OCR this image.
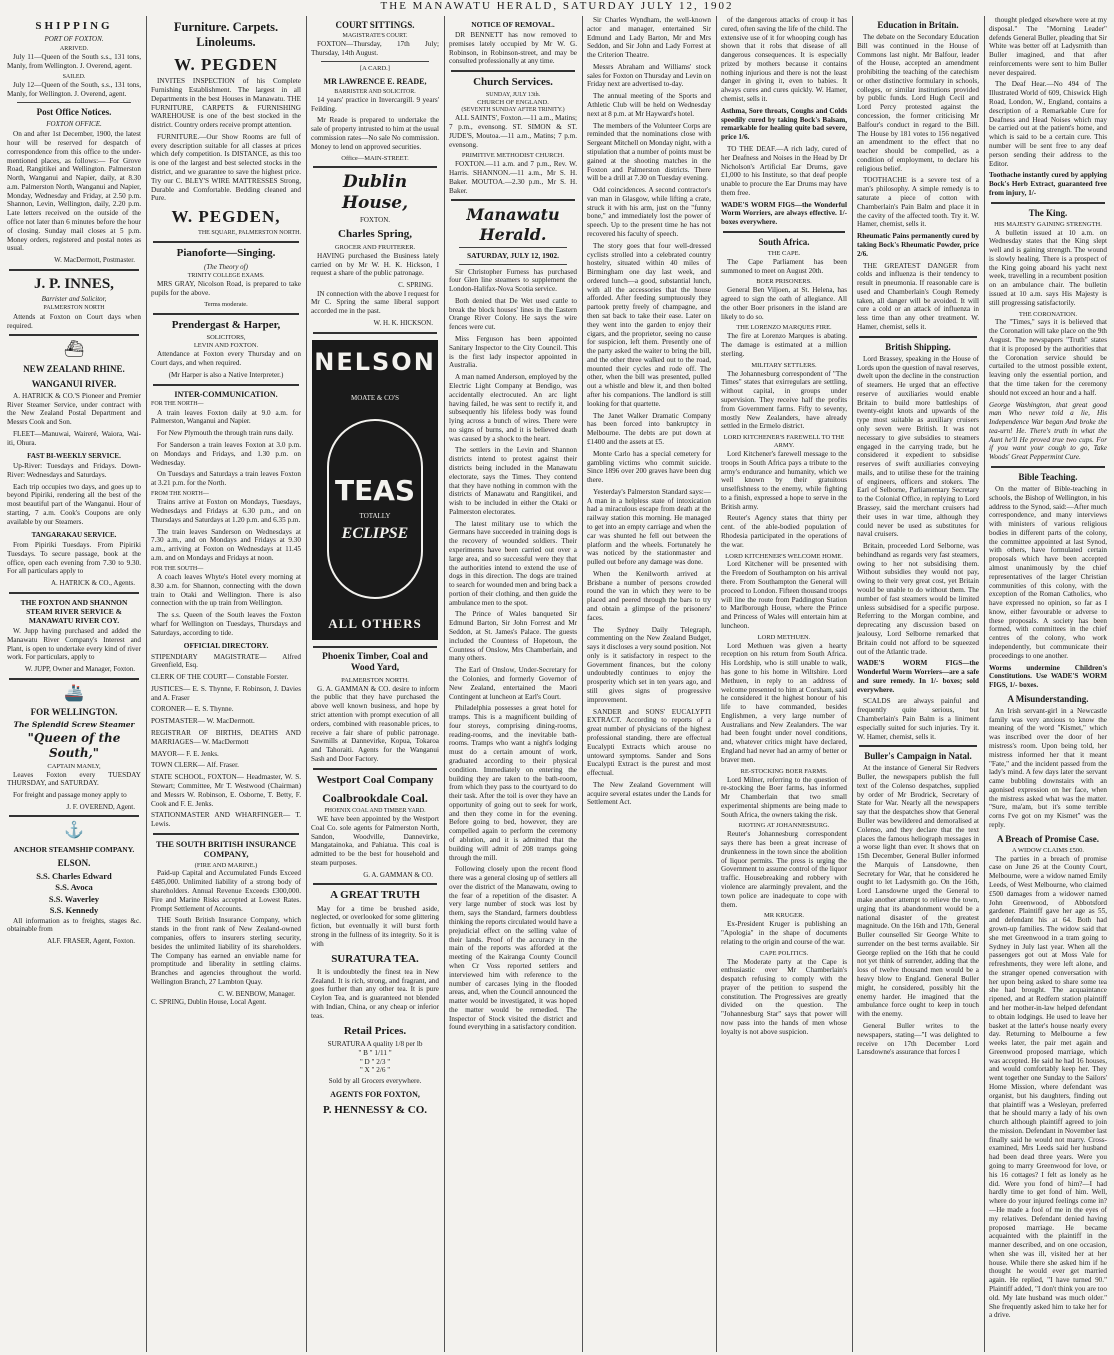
THE MANAWATU HERALD, SATURDAY JULY 12, 1902
SHIPPING
PORT OF FOXTON.
ARRIVED.

July 11—Queen of the South s.s., 131 tons, Manly, from Wellington. J. Overend, agent.

SAILED.

July 12—Queen of the South, s.s., 131 tons, Manly, for Wellington. J. Overend, agent.

Post Office Notices.
FOXTON OFFICE.

On and after 1st December, 1900, the latest hour will be reserved for despatch of correspondence from this office to the under-mentioned places, as follows:— For Grove Road, Rangitikei and Wellington. Palmerston North, Wanganui and Napier, daily, at 8.30 a.m. Palmerston North, Wanganui and Napier, Monday, Wednesday and Friday, at 2.50 p.m. Shannon, Levin, Wellington, daily, 2.20 p.m. Late letters received on the outside of the office not later than 6 minutes before the hour of closing. Sunday mail closes at 5 p.m. Money orders, registered and postal notes as usual.

W. MacDermott, Postmaster.
J. P. INNES,
Barrister and Solicitor,
PALMERSTON NORTH

Attends at Foxton on Court days when required.

⛴
NEW ZEALAND RHINE.
WANGANUI RIVER.

A. HATRICK & CO.'S Pioneer and Premier River Steamer Service, under contract with the New Zealand Postal Department and Messrs Cook and Son.

FLEET—Manuwai, Waireré, Waiora, Wai-iti, Ohura.

FAST BI-WEEKLY SERVICE.

Up-River: Tuesdays and Fridays. Down-River: Wednesdays and Saturdays.

Each trip occupies two days, and goes up to beyond Pipiriki, rendering all the best of the most beautiful part of the Wanganui. Hour of starting, 7 a.m. Cook's Coupons are only available by our Steamers.

TANGARAKAU SERVICE.

From Pipiriki Tuesdays. From Pipiriki Tuesdays. To secure passage, book at the office, open each evening from 7.30 to 9.30. For all particulars apply to

A. HATRICK & CO., Agents.
THE FOXTON AND SHANNON STEAM RIVER SERVICE & MANAWATU RIVER COY.

W. Jupp having purchased and added the Manawatu River Company's Interest and Plant, is open to undertake every kind of river work. For particulars, apply to

W. JUPP, Owner and Manager, Foxton.
🚢
FOR WELLINGTON.
The Splendid Screw Steamer
"Queen of the South,"
CAPTAIN MANLY,

Leaves Foxton every TUESDAY THURSDAY, and SATURDAY.

For freight and passage money apply to

J. F. OVEREND, Agent.
⚓
ANCHOR STEAMSHIP COMPANY.
ELSON.
S.S. Charles Edward
S.S. Avoca
S.S. Waverley
S.S. Kennedy

All information as to freights, stages &c. obtainable from

ALF. FRASER, Agent, Foxton.
Furniture. Carpets. Linoleums.
W. PEGDEN

INVITES INSPECTION of his Complete Furnishing Establishment. The largest in all Departments in the best Houses in Manawatu. THE FURNITURE, CARPETS & FURNISHING WAREHOUSE is one of the best stocked in the district. Country orders receive prompt attention.

FURNITURE.—Our Show Rooms are full of every description suitable for all classes at prices which defy competition. Is DISTANCE, as this too is one of the largest and best selected stocks in the district, and we guarantee to save the highest price. Try our C. BLEY'S WIRE MATTRESSES Strong, Durable and Comfortable. Bedding cleaned and Pure.

W. PEGDEN,
THE SQUARE, PALMERSTON NORTH.
Pianoforte—Singing.
(The Theory of)
TRINITY COLLEGE EXAMS.

MRS GRAY, Nicolson Road, is prepared to take pupils for the above.

Terms moderate.
Prendergast & Harper,
SOLICITORS,
LEVIN AND FOXTON.

Attendance at Foxton every Thursday and on Court days, and when required.

(Mr Harper is also a Native Interpreter.)
INTER-COMMUNICATION.
FOR THE NORTH—

A train leaves Foxton daily at 9.0 a.m. for Palmerston, Wanganui and Napier.

For New Plymouth the through train runs daily.

For Sanderson a train leaves Foxton at 3.0 p.m. on Mondays and Fridays, and 1.30 p.m. on Wednesday.

On Tuesdays and Saturdays a train leaves Foxton at 3.21 p.m. for the North.

FROM THE NORTH—

Trains arrive at Foxton on Mondays, Tuesdays, Wednesdays and Fridays at 6.30 p.m., and on Thursdays and Saturdays at 1.20 p.m. and 6.35 p.m.

The train leaves Sanderson on Wednesdays at 7.30 a.m., and on Mondays and Fridays at 9.30 a.m., arriving at Foxton on Wednesdays at 11.45 a.m. and on Mondays and Fridays at noon.

FOR THE SOUTH—

A coach leaves Whyte's Hotel every morning at 8.30 a.m. for Shannon, connecting with the down train to Otaki and Wellington. There is also connection with the up train from Wellington.

The s.s. Queen of the South leaves the Foxton wharf for Wellington on Tuesdays, Thursdays and Saturdays, according to tide.

OFFICIAL DIRECTORY.

STIPENDIARY MAGISTRATE— Alfred Greenfield, Esq.

CLERK OF THE COURT— Constable Forster.

JUSTICES— E. S. Thynne, F. Robinson, J. Davies and A. Fraser

CORONER— E. S. Thynne.

POSTMASTER— W. MacDermott.

REGISTRAR OF BIRTHS, DEATHS AND MARRIAGES— W. MacDermott

MAYOR— F. E. Jenks.

TOWN CLERK— Alf. Fraser.

STATE SCHOOL, FOXTON— Headmaster, W. S. Stewart; Committee, Mr T. Westwood (Chairman) and Messrs W. Robinson, E. Osborne, T. Betty, F. Cook and F. E. Jenks.

STATIONMASTER AND WHARFINGER— T. Lewis.

THE SOUTH BRITISH INSURANCE COMPANY,
(FIRE AND MARINE.)

Paid-up Capital and Accumulated Funds Exceed £485,000. Unlimited liability of a strong body of shareholders. Annual Revenue Exceeds £300,000. Fire and Marine Risks accepted at Lowest Rates. Prompt Settlement of Accounts.

THE South British Insurance Company, which stands in the front rank of New Zealand-owned companies, offers to insurers sterling security, besides the unlimited liability of its shareholders. The Company has earned an enviable name for promptitude and liberality in settling claims. Branches and agencies throughout the world. Wellington Branch, 27 Lambton Quay.

C. W. BENBOW, Manager.
C. SPRING, Dublin House, Local Agent.
COURT SITTINGS.
MAGISTRATE'S COURT.

FOXTON—Thursday, 17th July; Thursday, 14th August.

[A CARD.]
MR LAWRENCE E. READE,
BARRISTER AND SOLICITOR.

14 years' practice in Invercargill. 9 years' Feilding.

Mr Reade is prepared to undertake the sale of property intrusted to him at the usual commission rates—No sale No commission. Money to lend on approved securities.

Office—MAIN-STREET.
Dublin House,
FOXTON.
Charles Spring,
GROCER AND FRUITERER.

HAVING purchased the Business lately carried on by Mr W. H. K. Hickson, I request a share of the public patronage.

C. SPRING.

IN connection with the above I request for Mr C. Spring the same liberal support accorded me in the past.

W. H. K. HICKSON.
NELSON
MOATE & CO'S
TEAS
TOTALLY
ECLIPSE
ALL OTHERS
Phoenix Timber, Coal and Wood Yard,
PALMERSTON NORTH.

G. A. GAMMAN & CO. desire to inform the public that they have purchased the above well known business, and hope by strict attention with prompt execution of all orders, combined with reasonable prices, to receive a fair share of public patronage. Sawmills at Dannevirke, Kopua, Tokaroa and Tahoraiti. Agents for the Wanganui Sash and Door Factory.

Westport Coal Company
Coalbrookdale Coal.
PHOENIX COAL AND TIMBER YARD.

WE have been appointed by the Westport Coal Co. sole agents for Palmerston North, Sandon, Woodville, Dannevirke, Mangatainoka, and Pahiatua. This coal is admitted to be the best for household and steam purposes.

G. A. GAMMAN & CO.
A GREAT TRUTH

May for a time be brushed aside, neglected, or overlooked for some glittering fiction, but eventually it will burst forth strong in the fullness of its integrity. So it is with

SURATURA TEA.

It is undoubtedly the finest tea in New Zealand. It is rich, strong, and fragrant, and goes further than any other tea. It is pure Ceylon Tea, and is guaranteed not blended with Indian, China, or any cheap or inferior teas.

Retail Prices.
SURATURA A quality 1/8 per lb
" B " 1/11 "
" D " 2/3 "
" X " 2/6 "
Sold by all Grocers everywhere.
AGENTS FOR FOXTON,
P. HENNESSY & CO.
NOTICE OF REMOVAL.

DR BENNETT has now removed to premises lately occupied by Mr W. G. Robinson, in Robinson-street, and may be consulted professionally at any time.

Church Services.
SUNDAY, JULY 13th.
CHURCH OF ENGLAND.
(SEVENTH SUNDAY AFTER TRINITY.)

ALL SAINTS', Foxton.—11 a.m., Matins; 7 p.m., evensong. ST. SIMON & ST. JUDE'S, Moutoa.—11 a.m., Matins; 7 p.m. evensong.

PRIMITIVE METHODIST CHURCH.

FOXTON.—11 a.m. and 7 p.m., Rev. W. Harris. SHANNON.—11 a.m., Mr S. H. Baker. MOUTOA.—2.30 p.m., Mr S. H. Baker.

Manawatu Herald.
SATURDAY, JULY 12, 1902.

Sir Christopher Furness has purchased four Glen line steamers to supplement the London-Halifax-Nova Scotia service.

Both denied that De Wet used cattle to break the block houses' lines in the Eastern Orange River Colony. He says the wire fences were cut.

Miss Ferguson has been appointed Sanitary Inspector to the City Council. This is the first lady inspector appointed in Australia.

A man named Anderson, employed by the Electric Light Company at Bendigo, was accidentally electrocuted. An arc light having failed, he was sent to rectify it, and subsequently his lifeless body was found lying across a bunch of wires. There were no signs of burns, and it is believed death was caused by a shock to the heart.

The settlers in the Levin and Shannon districts intend to protest against their districts being included in the Manawatu electorate, says the Times. They contend that they have nothing in common with the districts of Manawatu and Rangitikei, and wish to be included in either the Otaki or Palmerston electorates.

The latest military use to which the Germans have succeeded in training dogs is the recovery of wounded soldiers. Their experiments have been carried out over a large area, and so successful were they that the authorities intend to extend the use of dogs in this direction. The dogs are trained to search for wounded men and bring back a portion of their clothing, and then guide the ambulance men to the spot.

The Prince of Wales banqueted Sir Edmund Barton, Sir John Forrest and Mr Seddon, at St. James's Palace. The guests included the Countess of Hopetoun, the Countess of Onslow, Mrs Chamberlain, and many others.

The Earl of Onslow, Under-Secretary for the Colonies, and formerly Governor of New Zealand, entertained the Maori Contingent at luncheon at Earl's Court.

Philadelphia possesses a great hotel for tramps. This is a magnificent building of four storeys, comprising dining-rooms, reading-rooms, and the inevitable bath-rooms. Tramps who want a night's lodging must do a certain amount of work, graduated according to their physical condition. Immediately on entering the building they are taken to the bath-room, from which they pass to the courtyard to do their task. After the toil is over they have an opportunity of going out to seek for work, and then they come in for the evening. Before going to bed, however, they are compelled again to perform the ceremony of ablution, and it is admitted that the building will admit of 208 tramps going through the mill.

Following closely upon the recent flood there was a general closing up of settlers all over the district of the Manawatu, owing to the fear of a repetition of the disaster. A very large number of stock was lost by them, says the Standard, farmers doubtless thinking the reports circulated would have a prejudicial effect on the selling value of their lands. Proof of the accuracy in the main of the reports was afforded at the meeting of the Kairanga County Council when Cr Voss reported settlers and interviewed him with reference to the number of carcases lying in the flooded areas, and, when the Council announced the matter would be investigated, it was hoped the matter would be remedied. The Inspector of Stock visited the district and found everything in a satisfactory condition.

Sir Charles Wyndham, the well-known actor and manager, entertained Sir Edmund and Lady Barton, Mr and Mrs Seddon, and Sir John and Lady Forrest at the Criterion Theatre.

Messrs Abraham and Williams' stock sales for Foxton on Thursday and Levin on Friday next are advertised to-day.

The annual meeting of the Sports and Athletic Club will be held on Wednesday next at 8 p.m. at Mr Hayward's hotel.

The members of the Volunteer Corps are reminded that the nominations close with Sergeant Mitchell on Monday night, with a stipulation that a number of points must be gained at the shooting matches in the Foxton and Palmerston districts. There will be a drill at 7.30 on Tuesday evening.

Odd coincidences. A second contractor's van man in Glasgow, while lifting a crate, struck it with his arm, just on the "funny bone," and immediately lost the power of speech. Up to the present time he has not recovered his faculty of speech.

The story goes that four well-dressed cyclists strolled into a celebrated country hostelry, situated within 40 miles of Birmingham one day last week, and ordered lunch—a good, substantial lunch, with all the accessories that the house afforded. After feeding sumptuously they partook pretty freely of champagne, and then sat back to take their ease. Later on they went into the garden to enjoy their cigars, and the proprietor, seeing no cause for suspicion, left them. Presently one of the party asked the waiter to bring the bill, and the other three walked out to the road, mounted their cycles and rode off. The other, when the bill was presented, pulled out a whistle and blew it, and then bolted after his companions. The landlord is still looking for that quartette.

The Janet Walker Dramatic Company has been forced into bankruptcy in Melbourne. The debts are put down at £1400 and the assets at £5.

Monte Carlo has a special cemetery for gambling victims who commit suicide. Since 1896 over 200 graves have been dug there.

Yesterday's Palmerston Standard says:—A man in a helpless state of intoxication had a miraculous escape from death at the railway station this morning. He managed to get into an empty carriage and when the car was shunted he fell out between the platform and the wheels. Fortunately he was noticed by the stationmaster and pulled out before any damage was done.

When the Kenilworth arrived at Brisbane a number of persons crowded round the van in which they were to be placed and peered through the bars to try and obtain a glimpse of the prisoners' faces.

The Sydney Daily Telegraph, commenting on the New Zealand Budget, says it discloses a very sound position. Not only is it satisfactory in respect to the Government finances, but the colony undoubtedly continues to enjoy the prosperity which set in ten years ago, and still gives signs of progressive improvement.

SANDER and SONS' EUCALYPTI EXTRACT. According to reports of a great number of physicians of the highest professional standing, there are effectual Eucalypti Extracts which arouse no untoward symptoms. Sander and Sons Eucalypti Extract is the purest and most effectual.

The New Zealand Government will acquire several estates under the Lands for Settlement Act.

of the dangerous attacks of croup it has cured, often saving the life of the child. The extensive use of it for whooping cough has shown that it robs that disease of all dangerous consequences. It is especially prized by mothers because it contains nothing injurious and there is not the least danger in giving it, even to babies. It always cures and cures quickly. W. Hamer, chemist, sells it.

Asthma, Sore throats, Coughs and Colds speedily cured by taking Bock's Balsam, remarkable for healing quite bad severe, price 1/6.

TO THE DEAF.—A rich lady, cured of her Deafness and Noises in the Head by Dr Nicholson's Artificial Ear Drums, gave £1,000 to his Institute, so that deaf people unable to procure the Ear Drums may have them free.

WADE'S WORM FIGS—the Wonderful Worm Worriers, are always effective. 1/- boxes everywhere.

South Africa.
THE CAPE.

The Cape Parliament has been summoned to meet on August 20th.

BOER PRISONERS.

General Ben Viljoen, at St. Helena, has agreed to sign the oath of allegiance. All the other Boer prisoners in the island are likely to do so.

THE LORENZO MARQUES FIRE.

The fire at Lorenzo Marques is abating. The damage is estimated at a million sterling.

MILITARY SETTLERS.

The Johannesburg correspondent of "The Times" states that exirregulars are settling, without capital, in groups under supervision. They receive half the profits from Government farms. Fifty to seventy, mostly New Zealanders, have already settled in the Ermelo district.

LORD KITCHENER'S FAREWELL TO THE ARMY.

Lord Kitchener's farewell message to the troops in South Africa pays a tribute to the army's endurance and humanity, which we well known by their gratuitous unselfishness to the enemy, while fighting to a finish, expressed a hope to serve in the British army.

Reuter's Agency states that thirty per cent. of the able-bodied population of Rhodesia participated in the operations of the war.

LORD KITCHENER'S WELCOME HOME.

Lord Kitchener will be presented with the Freedom of Southampton on his arrival there. From Southampton the General will proceed to London. Fifteen thousand troops will line the route from Paddington Station to Marlborough House, where the Prince and Princess of Wales will entertain him at luncheon.

LORD METHUEN.

Lord Methuen was given a hearty reception on his return from South Africa. His Lordship, who is still unable to walk, has gone to his home in Wiltshire. Lord Methuen, in reply to an address of welcome presented to him at Corsham, said he considered it the highest honour of his life to have commanded, besides Englishmen, a very large number of Australians and New Zealanders. The war had been fought under novel conditions, and, whatever critics might have declared, England had never had an army of better or braver men.

RE-STOCKING BOER FARMS.

Lord Milner, referring to the question of re-stocking the Boer farms, has informed Mr Chamberlain that two small experimental shipments are being made to South Africa, the owners taking the risk.

RIOTING AT JOHANNESBURG.

Reuter's Johannesburg correspondent says there has been a great increase of drunkenness in the town since the abolition of liquor permits. The press is urging the Government to assume control of the liquor traffic. Housebreaking and robbery with violence are alarmingly prevalent, and the town police are inadequate to cope with them.

MR KRUGER.

Ex-President Kruger is publishing an "Apologia" in the shape of documents relating to the origin and course of the war.

CAPE POLITICS.

The Moderate party at the Cape is enthusiastic over Mr Chamberlain's despatch refusing to comply with the prayer of the petition to suspend the constitution. The Progressives are greatly divided on the question. The "Johannesburg Star" says that power will now pass into the hands of men whose loyalty is not above suspicion.

Education in Britain.

The debate on the Secondary Education Bill was continued in the House of Commons last night. Mr Balfour, leader of the House, accepted an amendment prohibiting the teaching of the catechism or other distinctive formulary in schools, colleges, or similar institutions provided by public funds. Lord Hugh Cecil and Lord Percy protested against the concession, the former criticising Mr Balfour's conduct in regard to the Bill. The House by 181 votes to 156 negatived an amendment to the effect that no teacher should be compelled, as a condition of employment, to declare his religious belief.

TOOTHACHE is a severe test of a man's philosophy. A simple remedy is to saturate a piece of cotton with Chamberlain's Pain Balm and place it in the cavity of the affected tooth. Try it. W. Hamer, chemist, sells it.

Rheumatic Pains permanently cured by taking Bock's Rheumatic Powder, price 2/6.

THE GREATEST DANGER from colds and influenza is their tendency to result in pneumonia. If reasonable care is used and Chamberlain's Cough Remedy taken, all danger will be avoided. It will cure a cold or an attack of influenza in less time than any other treatment. W. Hamer, chemist, sells it.

British Shipping.

Lord Brassey, speaking in the House of Lords upon the question of naval reserves, dwelt upon the decline in the construction of steamers. He urged that an effective reserve of auxiliaries would enable Britain to build more battleships of twenty-eight knots and upwards of the type most suitable as auxiliary cruisers only seven were British. It was not necessary to give subsidies to steamers engaged in the carrying trade, but he considered it expedient to subsidise reserves of swift auxiliaries conveying mails, and to utilise these for the training of engineers, officers and stokers. The Earl of Selborne, Parliamentary Secretary to the Colonial Office, in replying to Lord Brassey, said the merchant cruisers had their uses in war time, although they could never be used as substitutes for naval cruisers.

Britain, proceeded Lord Selborne, was behindhand as regards very fast steamers, owing to her not subsidising them. Without subsidies they would not pay, owing to their very great cost, yet Britain would be unable to do without them. The number of fast steamers would be limited unless subsidised for a specific purpose. Referring to the Morgan combine, and deprecating any discussion based on jealousy, Lord Selborne remarked that Britain could not afford to be squeezed out of the Atlantic trade.

WADE'S WORM FIGS—the Wonderful Worm Worriers—are a safe and sure remedy. In 1/- boxes; sold everywhere.

SCALDS are always painful and frequently quite serious, but Chamberlain's Pain Balm is a liniment especially suited for such injuries. Try it. W. Hamer, chemist, sells it.

Buller's Campaign in Natal.

At the instance of General Sir Redvers Buller, the newspapers publish the full text of the Colenso despatches, supplied by order of Mr Brodrick, Secretary of State for War. Nearly all the newspapers say that the despatches show that General Buller was bewildered and demoralised at Colenso, and they declare that the text places the famous heliograph messages in a worse light than ever. It shows that on 15th December, General Buller informed the Marquis of Lansdowne, then Secretary for War, that he considered he ought to let Ladysmith go. On the 16th, Lord Lansdowne urged the General to make another attempt to relieve the town, urging that its abandonment would be a national disaster of the greatest magnitude. On the 16th and 17th, General Buller counselled Sir George White to surrender on the best terms available. Sir George replied on the 16th that he could not yet think of surrender, adding that the loss of twelve thousand men would be a heavy blow to England. General Buller might, he considered, possibly hit the enemy harder. He imagined that the ambulance force ought to keep in touch with the enemy.

General Buller writes to the newspapers, stating—"I was delighted to receive on 17th December Lord Lansdowne's assurance that forces I

thought pledged elsewhere were at my disposal." The "Morning Leader" defends General Buller, pleading that Sir White was better off at Ladysmith than Buller imagined, and that after reinforcements were sent to him Buller never despaired.

The Deaf Hear.—No 494 of The Illustrated World of 609, Chiswick High Road, London, W., England, contains a description of a Remarkable Cure for Deafness and Head Noises which may be carried out at the patient's home, and which is said to be a certain cure. This number will be sent free to any deaf person sending their address to the Editor.

Toothache instantly cured by applying Bock's Herb Extract, guaranteed free from injury, 1/-

The King.
HIS MAJESTY GAINING STRENGTH.

A bulletin issued at 10 a.m. on Wednesday states that the King slept well and is gaining strength. The wound is slowly healing. There is a prospect of the King going aboard his yacht next week, travelling in a recumbent position on an ambulance chair. The bulletin issued at 10 a.m. says His Majesty is still progressing satisfactorily.

THE CORONATION.

The "Times," says it is believed that the Coronation will take place on the 9th August. The newspapers "Truth" states that it is proposed by the authorities that the Coronation service should be curtailed to the utmost possible extent, leaving only the essential portion, and that the time taken for the ceremony should not exceed an hour and a half.

George Washington, that great good man Who never told a lie, His Independence War began And broke the tea-urn! He. There's truth in what the Aunt he'll He proved true two cups. For if you want your cough to go, Take Woods' Great Peppermint Cure.

Bible Teaching.

On the matter of Bible-teaching in schools, the Bishop of Wellington, in his address to the Synod, said:—After much correspondence, and many interviews with ministers of various religious bodies in different parts of the colony, the committee appointed at last Synod, with others, have formulated certain proposals which have been accepted almost unanimously by the chief representatives of the larger Christian communities of this colony, with the exception of the Roman Catholics, who have expressed no opinion, so far as I know, either favourable or adverse to these proposals. A society has been formed, with committees in the chief centres of the colony, who work independently, but communicate their proceedings to one another.

Worms undermine Children's Constitutions. Use WADE'S WORM FIGS, 1/- boxes.

A Misunderstanding.

An Irish servant-girl in a Newcastle family was very anxious to know the meaning of the word "Kismet," which was inscribed over the door of her mistress's room. Upon being told, her mistress informed her that it meant "Fate," and the incident passed from the lady's mind. A few days later the servant came bubbling downstairs with an agonised expression on her face, when the mistress asked what was the matter. "Sure, ma'am, but it's some terrible corns I've got on my Kismet" was the reply.

A Breach of Promise Case.
A WIDOW CLAIMS £500.

The parties in a breach of promise case on June 26 at the County Court, Melbourne, were a widow named Emily Leeds, of West Melbourne, who claimed £500 damages from a widower named John Greenwood, of Abbotsford gardener. Plaintiff gave her age as 55, and defendant his at 64. Both had grown-up families. The widow said that she met Greenwood in a tram going to Sydney in July last year. When all the passengers got out at Moss Vale for refreshments, they were left alone, and the stranger opened conversation with her upon being asked to share some tea she had brought. The acquaintance ripened, and at Redfern station plaintiff and her mother-in-law helped defendant to obtain lodgings. He used to leave her basket at the latter's house nearly every day. Returning to Melbourne a few weeks later, the pair met again and Greenwood proposed marriage, which was accepted. He said he had 16 houses, and would comfortably keep her. They went together one Sunday to the Sailors' Home Mission, where defendant was organist, but his daughters, finding out that plaintiff was a Wesleyan, preferred that he should marry a lady of his own church although plaintiff agreed to join the mission. Defendant in November last finally said he would not marry. Cross-examined, Mrs Leeds said her husband had been dead three years. Were you going to marry Greenwood for love, or his 16 cottages? I felt as lonely as he did. Were you fond of him?—I had hardly time to get fond of him. Well, where do your injured feelings come in?—He made a fool of me in the eyes of my relatives. Defendant denied having proposed marriage. He became acquainted with the plaintiff in the manner described, and on one occasion, when she was ill, visited her at her house. While there she asked him if he thought he would ever get married again. He replied, "I have turned 90." Plaintiff added, "I don't think you are too old. My late husband was much older." She frequently asked him to take her for a drive.
